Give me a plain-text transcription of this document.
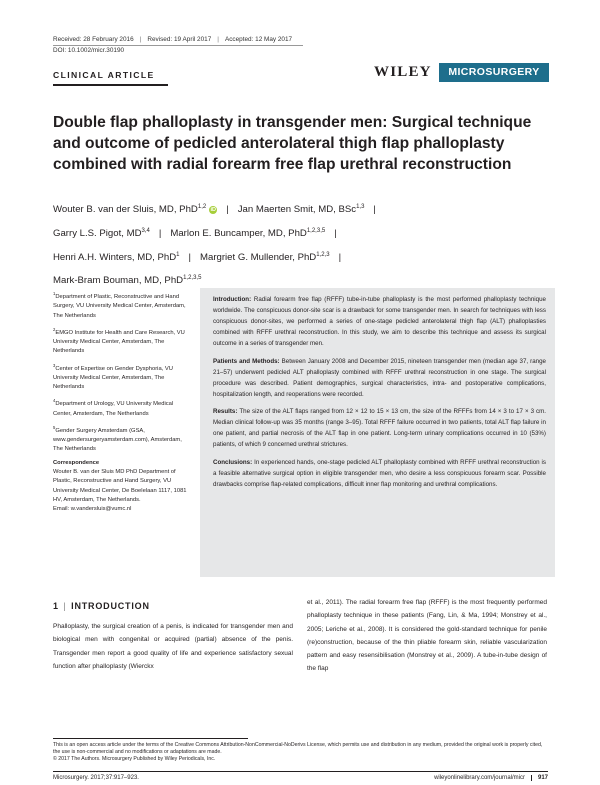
Received: 28 February 2016 | Revised: 19 April 2017 | Accepted: 12 May 2017
DOI: 10.1002/micr.30190
CLINICAL ARTICLE	WILEY	MICROSURGERY
Double flap phalloplasty in transgender men: Surgical technique and outcome of pedicled anterolateral thigh flap phalloplasty combined with radial forearm free flap urethral reconstruction
Wouter B. van der Sluis, MD, PhD$^{1,2}$iD | Jan Maerten Smit, MD, BSc$^{1,3}$ |
Garry L.S. Pigot, MD$^{3,4}$ | Marlon E. Buncamper, MD, PhD$^{1,2,3,5}$ |
Henri A.H. Winters, MD, PhD$^1$ | Margriet G. Mullender, PhD$^{1,2,3}$ |
Mark-Bram Bouman, MD, PhD$^{1,2,3,5}$

$^1$Department of Plastic, Reconstructive and Hand Surgery, VU University Medical Center, Amsterdam, The Netherlands

$^2$EMGO Institute for Health and Care Research, VU University Medical Center, Amsterdam, The Netherlands

$^3$Center of Expertise on Gender Dysphoria, VU University Medical Center, Amsterdam, The Netherlands

$^4$Department of Urology, VU University Medical Center, Amsterdam, The Netherlands

$^5$Gender Surgery Amsterdam (GSA, www.gendersurgeryamsterdam.com), Amsterdam, The Netherlands

Correspondence

Wouter B. van der Sluis MD PhD Department of Plastic, Reconstructive and Hand Surgery, VU University Medical Center, De Boelelaan 1117, 1081 HV, Amsterdam, The Netherlands.

Email: w.vandersluis@vumc.nl

Introduction: Radial forearm free flap (RFFF) tube-in-tube phalloplasty is the most performed phalloplasty technique worldwide. The conspicuous donor-site scar is a drawback for some transgender men. In search for techniques with less conspicuous donor-sites, we performed a series of one-stage pedicled anterolateral thigh flap (ALT) phalloplasties combined with RFFF urethral reconstruction. In this study, we aim to describe this technique and assess its surgical outcome in a series of transgender men.

Patients and Methods: Between January 2008 and December 2015, nineteen transgender men (median age 37, range 21–57) underwent pedicled ALT phalloplasty combined with RFFF urethral reconstruction in one stage. The surgical procedure was described. Patient demographics, surgical characteristics, intra- and postoperative complications, hospitalization length, and reoperations were recorded.

Results: The size of the ALT flaps ranged from 12 × 12 to 15 × 13 cm, the size of the RFFFs from 14 × 3 to 17 × 3 cm. Median clinical follow-up was 35 months (range 3–95). Total RFFF failure occurred in two patients, total ALT flap failure in one patient, and partial necrosis of the ALT flap in one patient. Long-term urinary complications occurred in 10 (53%) patients, of which 9 concerned urethral strictures.

Conclusions: In experienced hands, one-stage pedicled ALT phalloplasty combined with RFFF urethral reconstruction is a feasible alternative surgical option in eligible transgender men, who desire a less conspicuous forearm scar. Possible drawbacks comprise flap-related complications, difficult inner flap monitoring and urethral complications.

1 | INTRODUCTION
Phalloplasty, the surgical creation of a penis, is indicated for transgender men and biological men with congenital or acquired (partial) absence of the penis. Transgender men report a good quality of life and experience satisfactory sexual function after phalloplasty (Wierckx
et al., 2011). The radial forearm free flap (RFFF) is the most frequently performed phalloplasty technique in these patients (Fang, Lin, & Ma, 1994; Monstrey et al., 2005; Leriche et al., 2008). It is considered the gold-standard technique for penile (re)construction, because of the thin pliable forearm skin, reliable vascularization pattern and easy resensibilisation (Monstrey et al., 2009). A tube-in-tube design of the flap
This is an open access article under the terms of the Creative Commons Attribution-NonCommercial-NoDerivs License, which permits use and distribution in any medium, provided the original work is properly cited, the use is non-commercial and no modifications or adaptations are made.
© 2017 The Authors. Microsurgery Published by Wiley Periodicals, Inc.
Microsurgery. 2017;37:917–923.	wileyonlinelibrary.com/journal/micr 917
